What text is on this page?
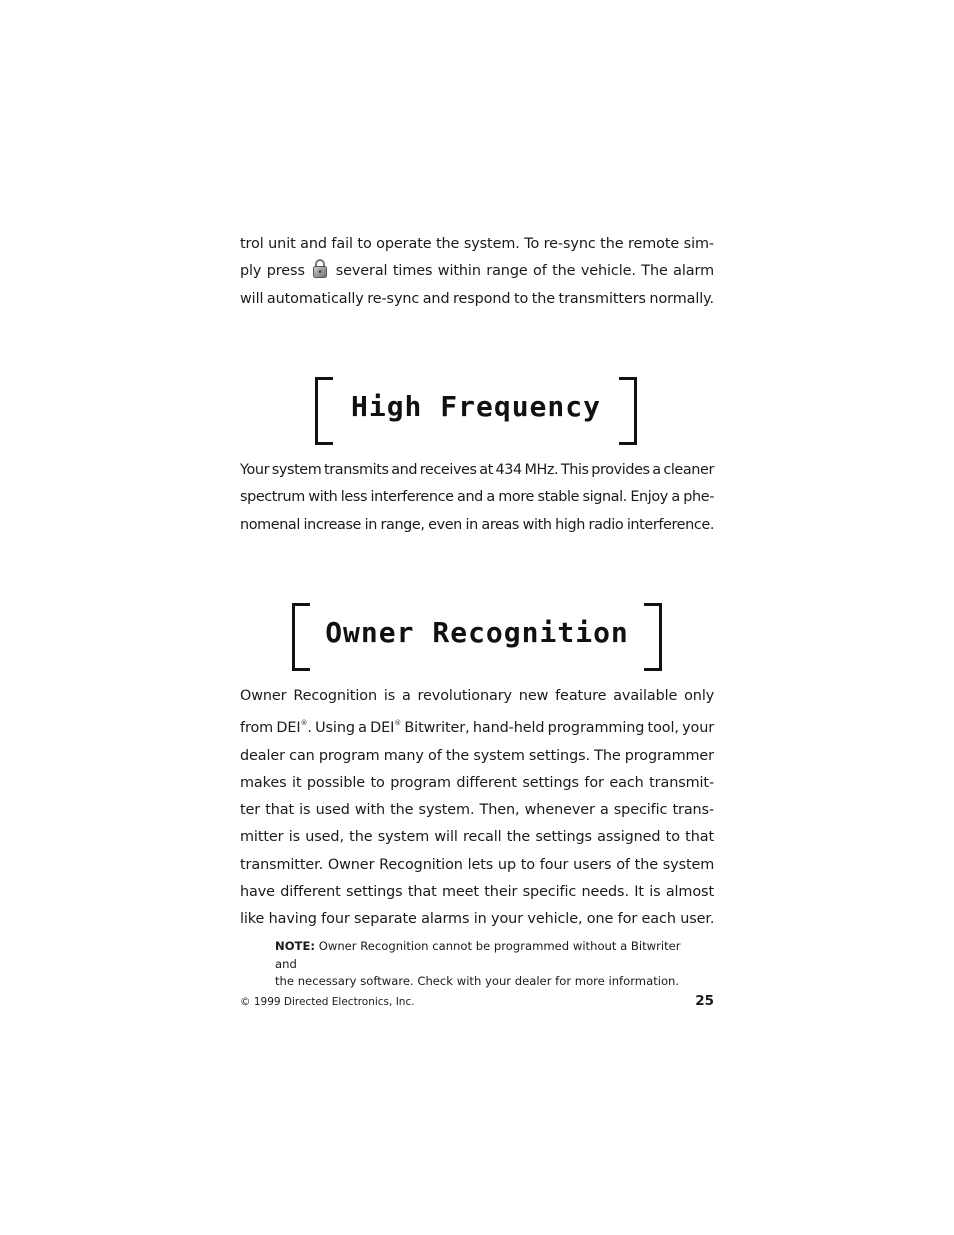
trol unit and fail to operate the system. To re-sync the remote sim-
ply press several times within range of the vehicle. The alarm
will automatically re-sync and respond to the transmitters normally.
High Frequency
Your system transmits and receives at 434 MHz. This provides a cleaner
spectrum with less interference and a more stable signal. Enjoy a phe-
nomenal increase in range, even in areas with high radio interference.
Owner Recognition
Owner Recognition is a revolutionary new feature available only
from DEI®. Using a DEI® Bitwriter, hand-held programming tool, your
dealer can program many of the system settings. The programmer
makes it possible to program different settings for each transmit-
ter that is used with the system. Then, whenever a specific trans-
mitter is used, the system will recall the settings assigned to that
transmitter. Owner Recognition lets up to four users of the system
have different settings that meet their specific needs. It is almost
like having four separate alarms in your vehicle, one for each user.
NOTE: Owner Recognition cannot be programmed without a Bitwriter and
the necessary software. Check with your dealer for more information.

© 1999 Directed Electronics, Inc.	25
